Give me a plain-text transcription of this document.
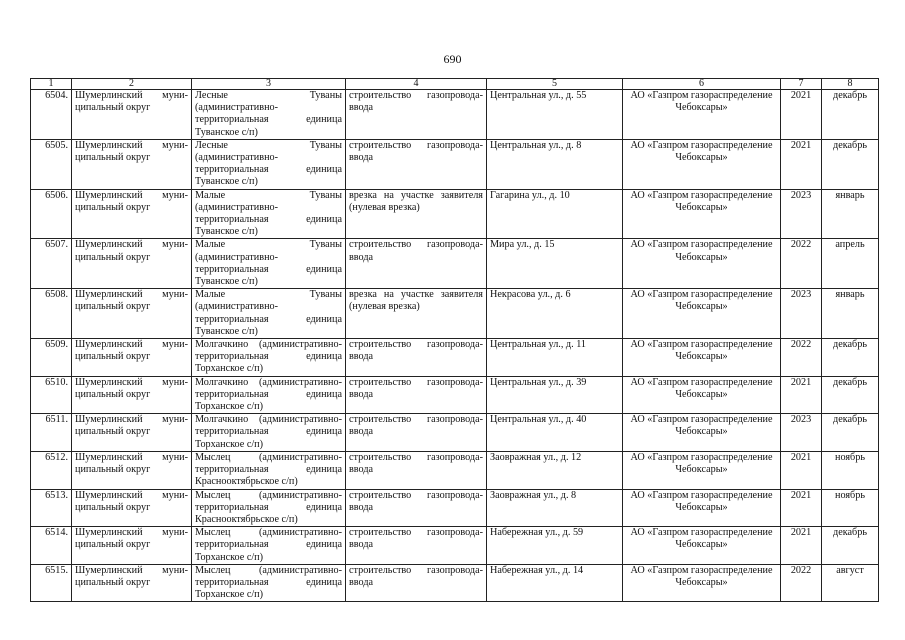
690
1	2	3	4	5	6	7	8
6504.	Шумерлинский муни-ципальный округ	Лесные Туваны (административно-территориальная единица Туванское с/п)	строительство газопровода-ввода	Центральная ул., д. 55	АО «Газпром газораспределение Чебоксары»	2021	декабрь
6505.	Шумерлинский муни-ципальный округ	Лесные Туваны (административно-территориальная единица Туванское с/п)	строительство газопровода-ввода	Центральная ул., д. 8	АО «Газпром газораспределение Чебоксары»	2021	декабрь
6506.	Шумерлинский муни-ципальный округ	Малые Туваны (административно-территориальная единица Туванское с/п)	врезка на участке заявителя (нулевая врезка)	Гагарина ул., д. 10	АО «Газпром газораспределение Чебоксары»	2023	январь
6507.	Шумерлинский муни-ципальный округ	Малые Туваны (административно-территориальная единица Туванское с/п)	строительство газопровода-ввода	Мира ул., д. 15	АО «Газпром газораспределение Чебоксары»	2022	апрель
6508.	Шумерлинский муни-ципальный округ	Малые Туваны (административно-территориальная единица Туванское с/п)	врезка на участке заявителя (нулевая врезка)	Некрасова ул., д. 6	АО «Газпром газораспределение Чебоксары»	2023	январь
6509.	Шумерлинский муни-ципальный округ	Молгачкино (административно-территориальная единица Торханское с/п)	строительство газопровода-ввода	Центральная ул., д. 11	АО «Газпром газораспределение Чебоксары»	2022	декабрь
6510.	Шумерлинский муни-ципальный округ	Молгачкино (административно-территориальная единица Торханское с/п)	строительство газопровода-ввода	Центральная ул., д. 39	АО «Газпром газораспределение Чебоксары»	2021	декабрь
6511.	Шумерлинский муни-ципальный округ	Молгачкино (административно-территориальная единица Торханское с/п)	строительство газопровода-ввода	Центральная ул., д. 40	АО «Газпром газораспределение Чебоксары»	2023	декабрь
6512.	Шумерлинский муни-ципальный округ	Мыслец (административно-территориальная единица Краснооктябрьское с/п)	строительство газопровода-ввода	Заовражная ул., д. 12	АО «Газпром газораспределение Чебоксары»	2021	ноябрь
6513.	Шумерлинский муни-ципальный округ	Мыслец (административно-территориальная единица Краснооктябрьское с/п)	строительство газопровода-ввода	Заовражная ул., д. 8	АО «Газпром газораспределение Чебоксары»	2021	ноябрь
6514.	Шумерлинский муни-ципальный округ	Мыслец (административно-территориальная единица Торханское с/п)	строительство газопровода-ввода	Набережная ул., д. 59	АО «Газпром газораспределение Чебоксары»	2021	декабрь
6515.	Шумерлинский муни-ципальный округ	Мыслец (административно-территориальная единица Торханское с/п)	строительство газопровода-ввода	Набережная ул., д. 14	АО «Газпром газораспределение Чебоксары»	2022	август
